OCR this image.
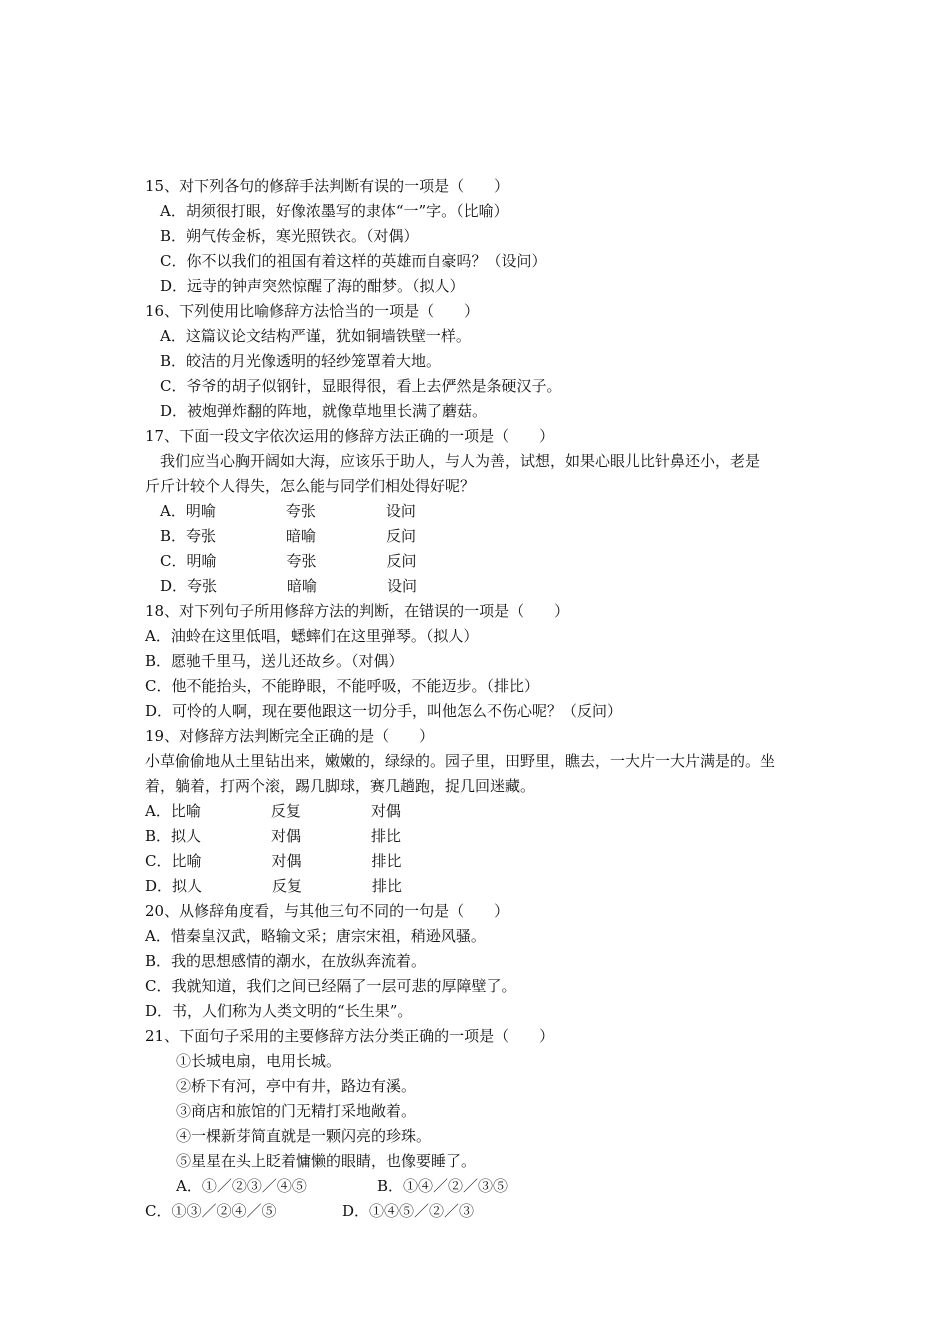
15、对下列各句的修辞手法判断有误的一项是（　　）
A．胡须很打眼，好像浓墨写的隶体“一”字。（比喻）
B．朔气传金柝，寒光照铁衣。（对偶）
C．你不以我们的祖国有着这样的英雄而自豪吗？（设问）
D．远寺的钟声突然惊醒了海的酣梦。（拟人）
16、下列使用比喻修辞方法恰当的一项是（　　）
A．这篇议论文结构严谨，犹如铜墙铁壁一样。
B．皎洁的月光像透明的轻纱笼罩着大地。
C．爷爷的胡子似钢针，显眼得很，看上去俨然是条硬汉子。
D．被炮弹炸翻的阵地，就像草地里长满了蘑菇。
17、下面一段文字依次运用的修辞方法正确的一项是（　　）
我们应当心胸开阔如大海，应该乐于助人，与人为善，试想，如果心眼儿比针鼻还小，老是
斤斤计较个人得失，怎么能与同学们相处得好呢？
A．明喻	夸张	设问
B．夸张	暗喻	反问
C．明喻	夸张	反问
D．夸张	暗喻	设问
18、对下列句子所用修辞方法的判断，在错误的一项是（　　）
A．油蛉在这里低唱，蟋蟀们在这里弹琴。（拟人）
B．愿驰千里马，送儿还故乡。（对偶）
C．他不能抬头，不能睁眼，不能呼吸，不能迈步。（排比）
D．可怜的人啊，现在要他跟这一切分手，叫他怎么不伤心呢？（反问）
19、对修辞方法判断完全正确的是（　　）
小草偷偷地从土里钻出来，嫩嫩的，绿绿的。园子里，田野里，瞧去，一大片一大片满是的。坐
着，躺着，打两个滚，踢几脚球，赛几趟跑，捉几回迷藏。
A．比喻	反复	对偶
B．拟人	对偶	排比
C．比喻	对偶	排比
D．拟人	反复	排比
20、从修辞角度看，与其他三句不同的一句是（　　）
A．惜秦皇汉武，略输文采；唐宗宋祖，稍逊风骚。
B．我的思想感情的潮水，在放纵奔流着。
C．我就知道，我们之间已经隔了一层可悲的厚障壁了。
D．书，人们称为人类文明的“长生果”。
21、下面句子采用的主要修辞方法分类正确的一项是（　　）
①长城电扇，电用长城。
②桥下有河，亭中有井，路边有溪。
③商店和旅馆的门无精打采地敞着。
④一棵新芽简直就是一颗闪亮的珍珠。
⑤星星在头上眨着慵懒的眼睛，也像要睡了。
A．①／②③／④⑤	B．①④／②／③⑤
C．①③／②④／⑤	D．①④⑤／②／③
